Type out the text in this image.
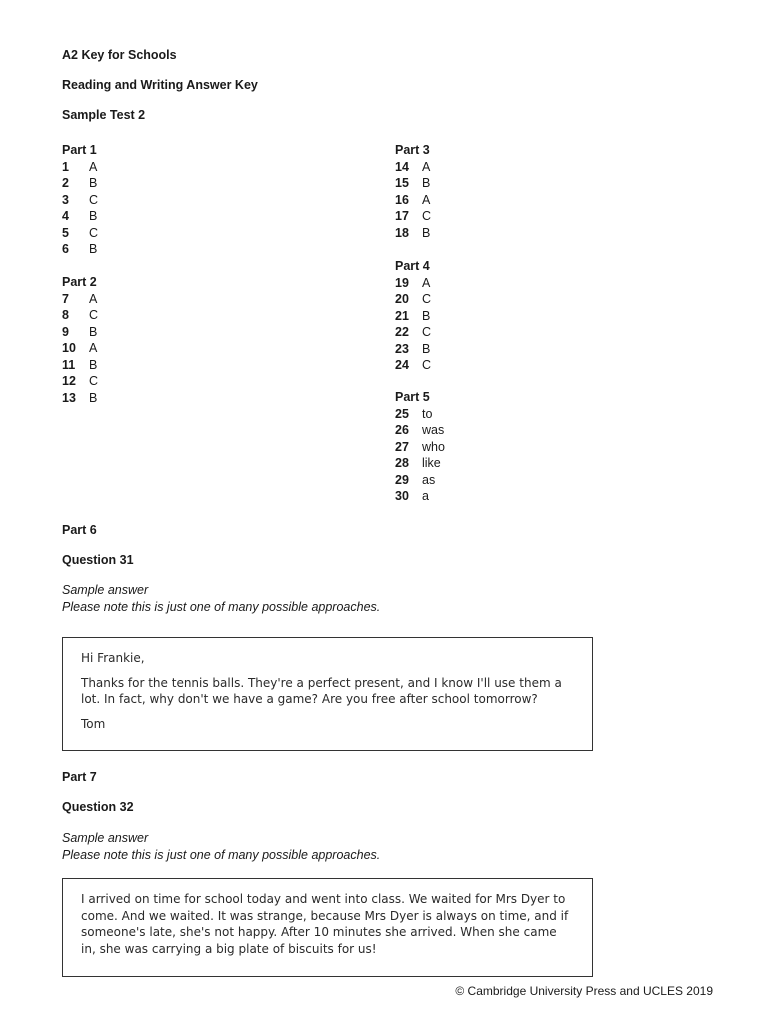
A2 Key for Schools
Reading and Writing Answer Key
Sample Test 2
Part 1
1 A
2 B
3 C
4 B
5 C
6 B
Part 2
7 A
8 C
9 B
10 A
11 B
12 C
13 B
Part 3
14 A
15 B
16 A
17 C
18 B
Part 4
19 A
20 C
21 B
22 C
23 B
24 C
Part 5
25 to
26 was
27 who
28 like
29 as
30 a
Part 6
Question 31
Sample answer
Please note this is just one of many possible approaches.

Hi Frankie,

Thanks for the tennis balls. They're a perfect present, and I know I'll use them a lot. In fact, why don't we have a game? Are you free after school tomorrow?

Tom

Part 7
Question 32
Sample answer
Please note this is just one of many possible approaches.

I arrived on time for school today and went into class. We waited for Mrs Dyer to come. And we waited. It was strange, because Mrs Dyer is always on time, and if someone's late, she's not happy. After 10 minutes she arrived. When she came in, she was carrying a big plate of biscuits for us!

© Cambridge University Press and UCLES 2019
